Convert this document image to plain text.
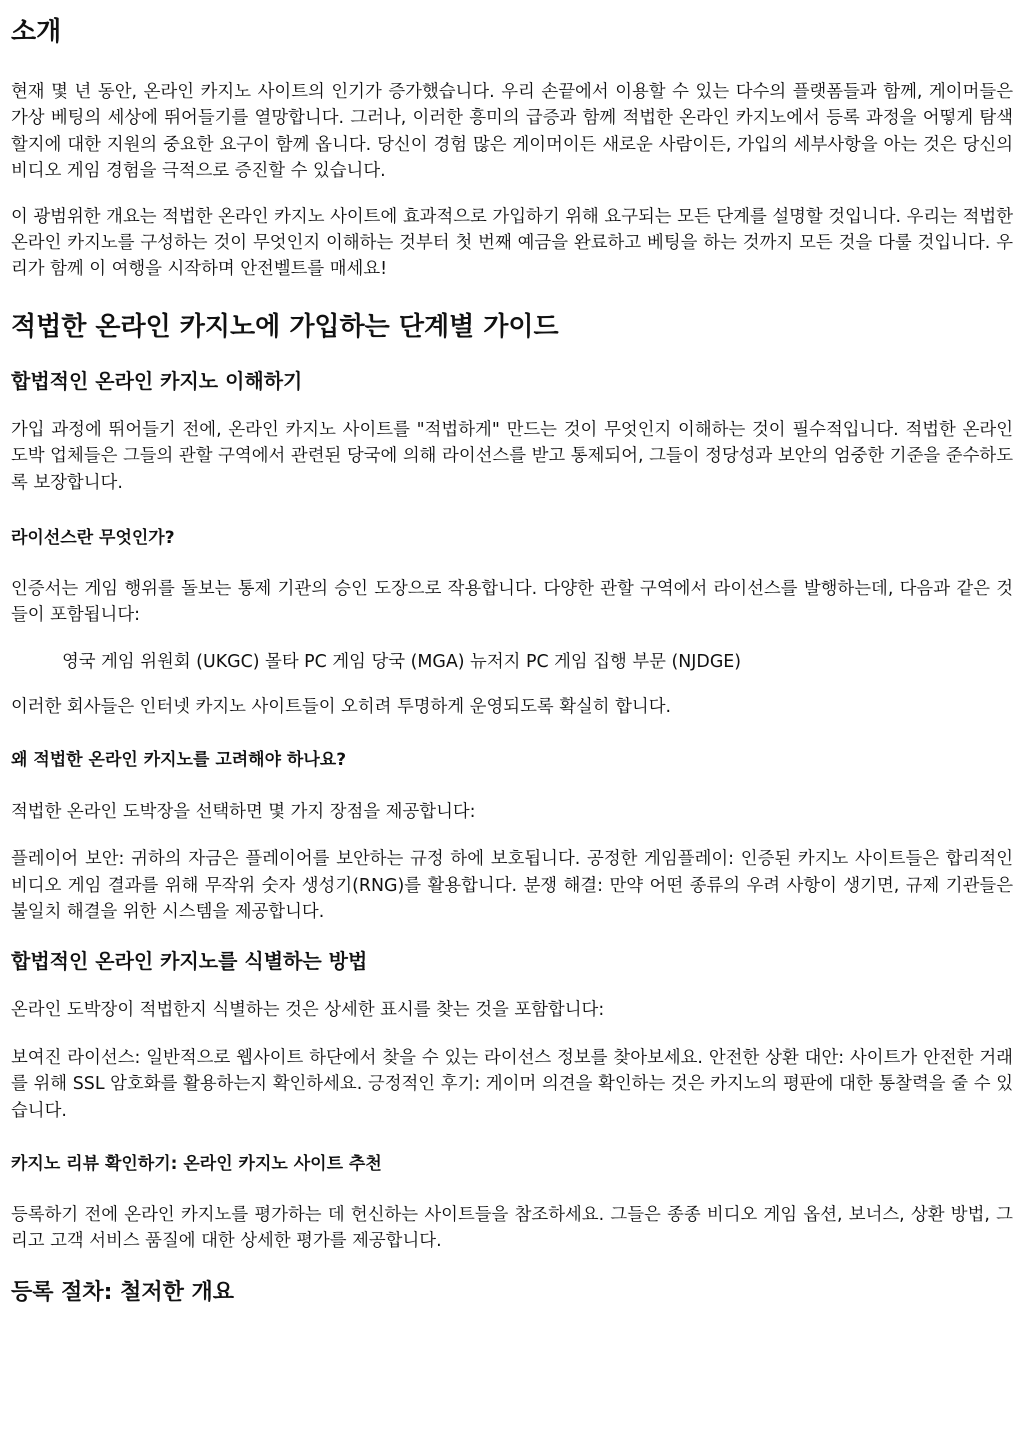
소개

현재 몇 년 동안, 온라인 카지노 사이트의 인기가 증가했습니다. 우리 손끝에서 이용할 수 있는 다수의 플랫폼들과 함께, 게이머들은 가상 베팅의 세상에 뛰어들기를 열망합니다. 그러나, 이러한 흥미의 급증과 함께 적법한 온라인 카지노에서 등록 과정을 어떻게 탐색할지에 대한 지원의 중요한 요구이 함께 옵니다. 당신이 경험 많은 게이머이든 새로운 사람이든, 가입의 세부사항을 아는 것은 당신의 비디오 게임 경험을 극적으로 증진할 수 있습니다.

이 광범위한 개요는 적법한 온라인 카지노 사이트에 효과적으로 가입하기 위해 요구되는 모든 단계를 설명할 것입니다. 우리는 적법한 온라인 카지노를 구성하는 것이 무엇인지 이해하는 것부터 첫 번째 예금을 완료하고 베팅을 하는 것까지 모든 것을 다룰 것입니다. 우리가 함께 이 여행을 시작하며 안전벨트를 매세요!

적법한 온라인 카지노에 가입하는 단계별 가이드
합법적인 온라인 카지노 이해하기

가입 과정에 뛰어들기 전에, 온라인 카지노 사이트를 "적법하게" 만드는 것이 무엇인지 이해하는 것이 필수적입니다. 적법한 온라인 도박 업체들은 그들의 관할 구역에서 관련된 당국에 의해 라이선스를 받고 통제되어, 그들이 정당성과 보안의 엄중한 기준을 준수하도록 보장합니다.

라이선스란 무엇인가?

인증서는 게임 행위를 돌보는 통제 기관의 승인 도장으로 작용합니다. 다양한 관할 구역에서 라이선스를 발행하는데, 다음과 같은 것들이 포함됩니다:

영국 게임 위원회 (UKGC) 몰타 PC 게임 당국 (MGA) 뉴저지 PC 게임 집행 부문 (NJDGE)

이러한 회사들은 인터넷 카지노 사이트들이 오히려 투명하게 운영되도록 확실히 합니다.

왜 적법한 온라인 카지노를 고려해야 하나요?

적법한 온라인 도박장을 선택하면 몇 가지 장점을 제공합니다:

플레이어 보안: 귀하의 자금은 플레이어를 보안하는 규정 하에 보호됩니다. 공정한 게임플레이: 인증된 카지노 사이트들은 합리적인 비디오 게임 결과를 위해 무작위 숫자 생성기(RNG)를 활용합니다. 분쟁 해결: 만약 어떤 종류의 우려 사항이 생기면, 규제 기관들은 불일치 해결을 위한 시스템을 제공합니다.

합법적인 온라인 카지노를 식별하는 방법

온라인 도박장이 적법한지 식별하는 것은 상세한 표시를 찾는 것을 포함합니다:

보여진 라이선스: 일반적으로 웹사이트 하단에서 찾을 수 있는 라이선스 정보를 찾아보세요. 안전한 상환 대안: 사이트가 안전한 거래를 위해 SSL 암호화를 활용하는지 확인하세요. 긍정적인 후기: 게이머 의견을 확인하는 것은 카지노의 평판에 대한 통찰력을 줄 수 있습니다.

카지노 리뷰 확인하기: 온라인 카지노 사이트 추천

등록하기 전에 온라인 카지노를 평가하는 데 헌신하는 사이트들을 참조하세요. 그들은 종종 비디오 게임 옵션, 보너스, 상환 방법, 그리고 고객 서비스 품질에 대한 상세한 평가를 제공합니다.

등록 절차: 철저한 개요
